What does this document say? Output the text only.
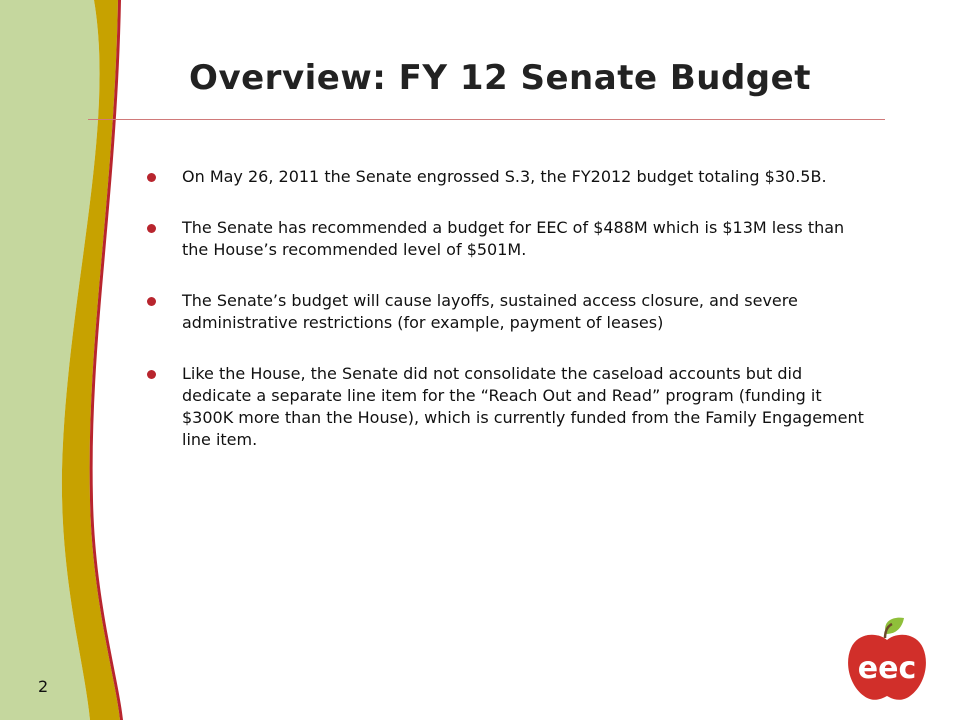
Overview: FY 12 Senate Budget
On May 26, 2011 the Senate engrossed S.3, the FY2012 budget totaling $30.5B.
The Senate has recommended a budget for EEC of $488M which is $13M less than the House’s recommended level of $501M.
The Senate’s budget will cause layoffs, sustained access closure, and severe administrative restrictions (for example, payment of leases)
Like the House, the Senate did not consolidate the caseload accounts but did dedicate a separate line item for the “Reach Out and Read” program (funding it $300K more than the House), which is currently funded from the Family Engagement line item.
2
eec
